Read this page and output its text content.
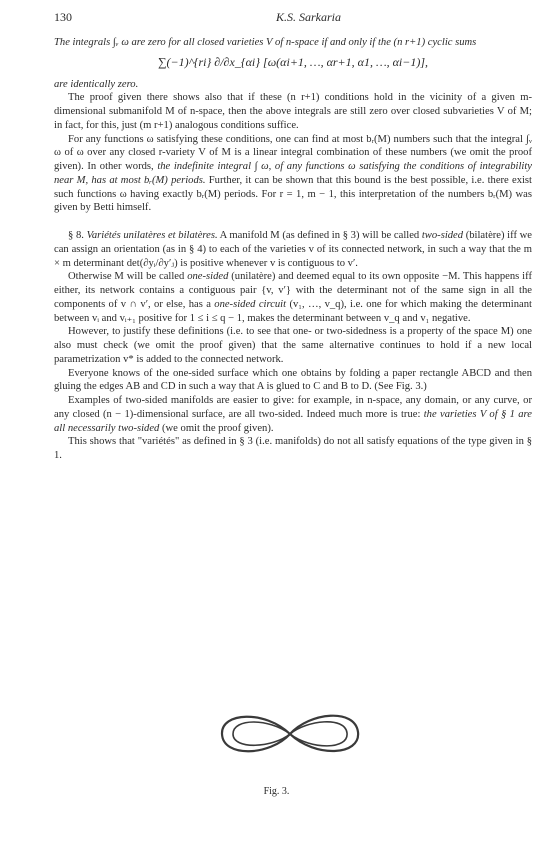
130	K.S. Sarkaria

The integrals ∫ᵥ ω are zero for all closed varieties V of n-space if and only if the (n r+1) cyclic sums

∑(−1)^{ri} ∂/∂x_{αi} [ω(αi+1, …, αr+1, α1, …, αi−1)],

are identically zero.

The proof given there shows also that if these (n r+1) conditions hold in the vicinity of a given m-dimensional submanifold M of n-space, then the above integrals are still zero over closed subvarieties V of M; in fact, for this, just (m r+1) analogous conditions suffice.

For any functions ω satisfying these conditions, one can find at most bᵣ(M) numbers such that the integral ∫ᵥ ω of ω over any closed r-variety V of M is a linear integral combination of these numbers (we omit the proof given). In other words, the indefinite integral ∫ ω, of any functions ω satisfying the conditions of integrability near M, has at most bᵣ(M) periods. Further, it can be shown that this bound is the best possible, i.e. there exist such functions ω having exactly bᵣ(M) periods. For r = 1, m − 1, this interpretation of the numbers bᵣ(M) was given by Betti himself.

§ 8. Variétés unilatères et bilatères. A manifold M (as defined in § 3) will be called two-sided (bilatère) iff we can assign an orientation (as in § 4) to each of the varieties v of its connected network, in such a way that the m × m determinant det(∂yᵢ/∂y′ⱼ) is positive whenever v is contiguous to v′.

Otherwise M will be called one-sided (unilatère) and deemed equal to its own opposite −M. This happens iff either, its network contains a contiguous pair {v, v′} with the determinant not of the same sign in all the components of v ∩ v′, or else, has a one-sided circuit (v₁, …, v_q), i.e. one for which making the determinant between vᵢ and vᵢ₊₁ positive for 1 ≤ i ≤ q − 1, makes the determinant between v_q and v₁ negative.

However, to justify these definitions (i.e. to see that one- or two-sidedness is a property of the space M) one also must check (we omit the proof given) that the same alternative continues to hold if a new local parametrization v* is added to the connected network.

Everyone knows of the one-sided surface which one obtains by folding a paper rectangle ABCD and then gluing the edges AB and CD in such a way that A is glued to C and B to D. (See Fig. 3.)

Examples of two-sided manifolds are easier to give: for example, in n-space, any domain, or any curve, or any closed (n − 1)-dimensional surface, are all two-sided. Indeed much more is true: the varieties V of § 1 are all necessarily two-sided (we omit the proof given).

This shows that "variétés" as defined in § 3 (i.e. manifolds) do not all satisfy equations of the type given in § 1.

Fig. 3.
